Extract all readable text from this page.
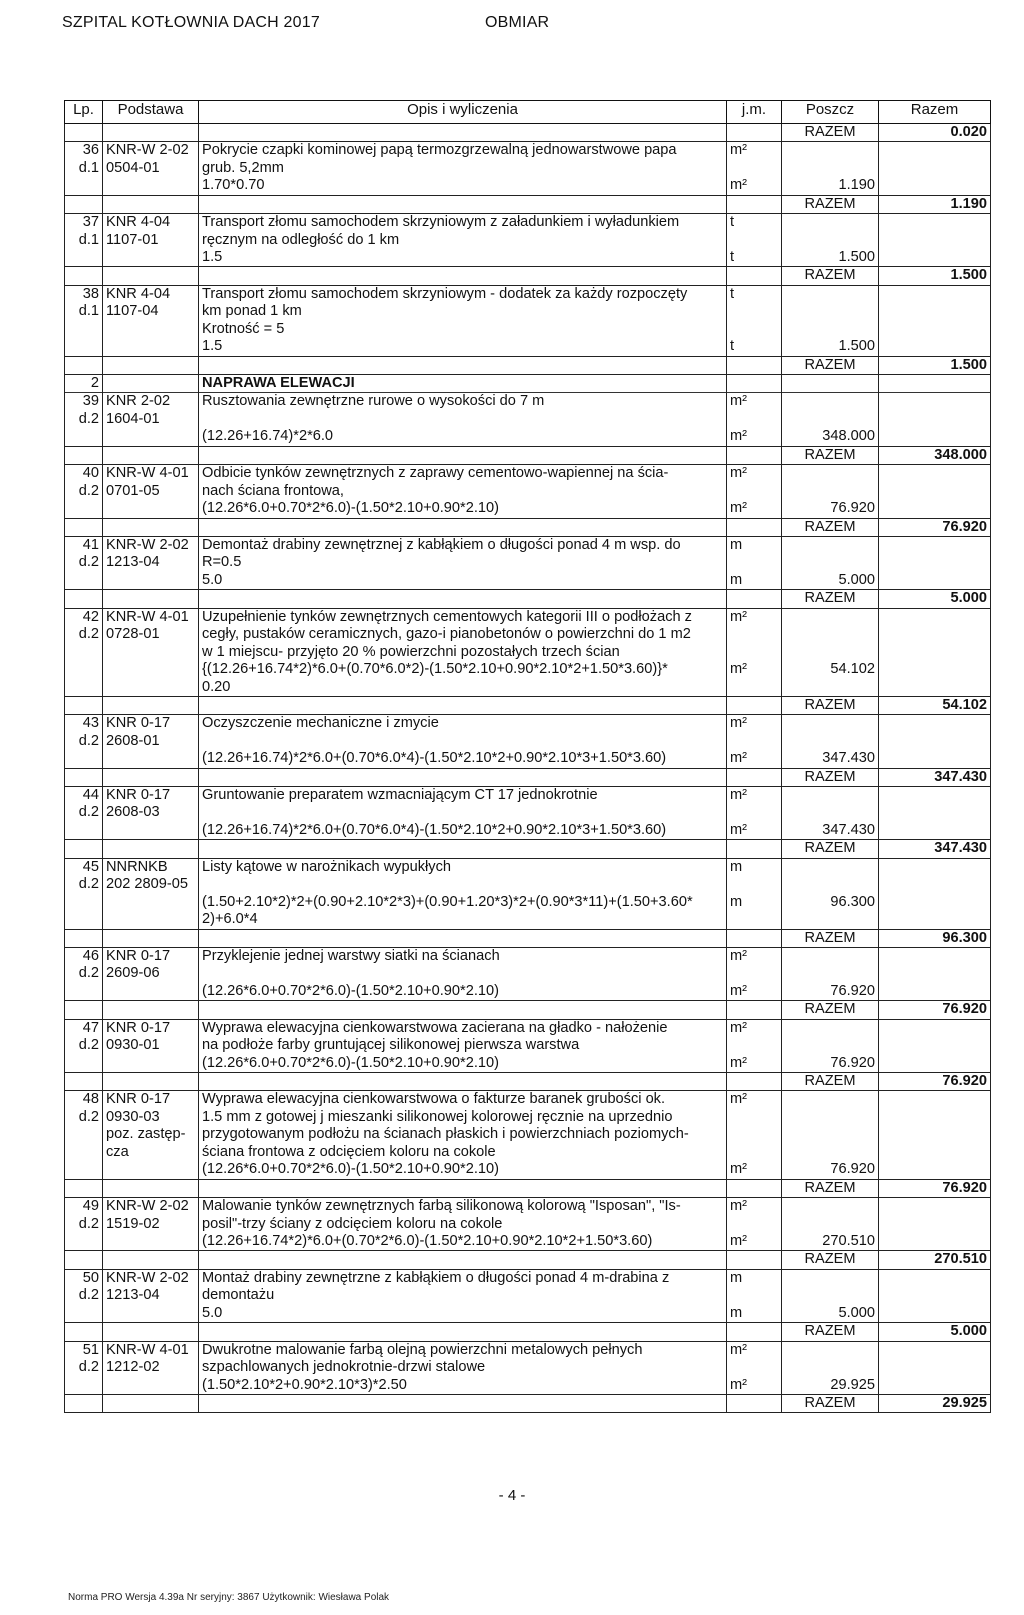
SZPITAL KOTŁOWNIA DACH 2017	OBMIAR
Lp.	Podstawa	Opis i wyliczenia	j.m.	Poszcz	Razem
				RAZEM	0.020
36	KNR-W 2-02	Pokrycie czapki kominowej papą termozgrzewalną jednowarstwowe papa	m²		
d.1	0504-01	grub. 5,2mm			
		1.70*0.70	m²	1.190	
				RAZEM	1.190
37	KNR 4-04	Transport złomu samochodem skrzyniowym z załadunkiem i wyładunkiem	t		
d.1	1107-01	ręcznym na odległość do 1 km			
		1.5	t	1.500	
				RAZEM	1.500
38	KNR 4-04	Transport złomu samochodem skrzyniowym - dodatek za każdy rozpoczęty	t		
d.1	1107-04	km ponad 1 km			
		Krotność = 5			
		1.5	t	1.500	
				RAZEM	1.500
2		NAPRAWA ELEWACJI			
39	KNR 2-02	Rusztowania zewnętrzne rurowe o wysokości do 7 m	m²		
d.2	1604-01				
		(12.26+16.74)*2*6.0	m²	348.000	
				RAZEM	348.000
40	KNR-W 4-01	Odbicie tynków zewnętrznych z zaprawy cementowo-wapiennej na ścia-	m²		
d.2	0701-05	nach ściana frontowa,			
		(12.26*6.0+0.70*2*6.0)-(1.50*2.10+0.90*2.10)	m²	76.920	
				RAZEM	76.920
41	KNR-W 2-02	Demontaż drabiny zewnętrznej z kabłąkiem o długości ponad 4 m wsp. do	m		
d.2	1213-04	R=0.5			
		5.0	m	5.000	
				RAZEM	5.000
42	KNR-W 4-01	Uzupełnienie tynków zewnętrznych cementowych kategorii III o podłożach z	m²		
d.2	0728-01	cegły, pustaków ceramicznych, gazo-i pianobetonów o powierzchni do 1 m2			
		w 1 miejscu- przyjęto 20 % powierzchni pozostałych trzech ścian			
		{(12.26+16.74*2)*6.0+(0.70*6.0*2)-(1.50*2.10+0.90*2.10*2+1.50*3.60)}*	m²	54.102	
		0.20			
				RAZEM	54.102
43	KNR 0-17	Oczyszczenie mechaniczne i zmycie	m²		
d.2	2608-01				
		(12.26+16.74)*2*6.0+(0.70*6.0*4)-(1.50*2.10*2+0.90*2.10*3+1.50*3.60)	m²	347.430	
				RAZEM	347.430
44	KNR 0-17	Gruntowanie preparatem wzmacniającym CT 17 jednokrotnie	m²		
d.2	2608-03				
		(12.26+16.74)*2*6.0+(0.70*6.0*4)-(1.50*2.10*2+0.90*2.10*3+1.50*3.60)	m²	347.430	
				RAZEM	347.430
45	NNRNKB	Listy kątowe w narożnikach wypukłych	m		
d.2	202 2809-05				
		(1.50+2.10*2)*2+(0.90+2.10*2*3)+(0.90+1.20*3)*2+(0.90*3*11)+(1.50+3.60*	m	96.300	
		2)+6.0*4			
				RAZEM	96.300
46	KNR 0-17	Przyklejenie jednej warstwy siatki na ścianach	m²		
d.2	2609-06				
		(12.26*6.0+0.70*2*6.0)-(1.50*2.10+0.90*2.10)	m²	76.920	
				RAZEM	76.920
47	KNR 0-17	Wyprawa elewacyjna cienkowarstwowa zacierana na gładko - nałożenie	m²		
d.2	0930-01	na podłoże farby gruntującej silikonowej pierwsza warstwa			
		(12.26*6.0+0.70*2*6.0)-(1.50*2.10+0.90*2.10)	m²	76.920	
				RAZEM	76.920
48	KNR 0-17	Wyprawa elewacyjna cienkowarstwowa o fakturze baranek grubości ok.	m²		
d.2	0930-03	1.5 mm z gotowej j mieszanki silikonowej kolorowej ręcznie na uprzednio			
	poz. zastęp-	przygotowanym podłożu na ścianach płaskich i powierzchniach poziomych-			
	cza	ściana frontowa z odcięciem koloru na cokole			
		(12.26*6.0+0.70*2*6.0)-(1.50*2.10+0.90*2.10)	m²	76.920	
				RAZEM	76.920
49	KNR-W 2-02	Malowanie tynków zewnętrznych farbą silikonową kolorową "Isposan", "Is-	m²		
d.2	1519-02	posil"-trzy ściany z odcięciem koloru na cokole			
		(12.26+16.74*2)*6.0+(0.70*2*6.0)-(1.50*2.10+0.90*2.10*2+1.50*3.60)	m²	270.510	
				RAZEM	270.510
50	KNR-W 2-02	Montaż drabiny zewnętrzne z kabłąkiem o długości ponad 4 m-drabina z	m		
d.2	1213-04	demontażu			
		5.0	m	5.000	
				RAZEM	5.000
51	KNR-W 4-01	Dwukrotne malowanie farbą olejną powierzchni metalowych pełnych	m²		
d.2	1212-02	szpachlowanych jednokrotnie-drzwi stalowe			
		(1.50*2.10*2+0.90*2.10*3)*2.50	m²	29.925	
				RAZEM	29.925
- 4 -
Norma PRO Wersja 4.39a Nr seryjny: 3867 Użytkownik: Wiesława Polak
